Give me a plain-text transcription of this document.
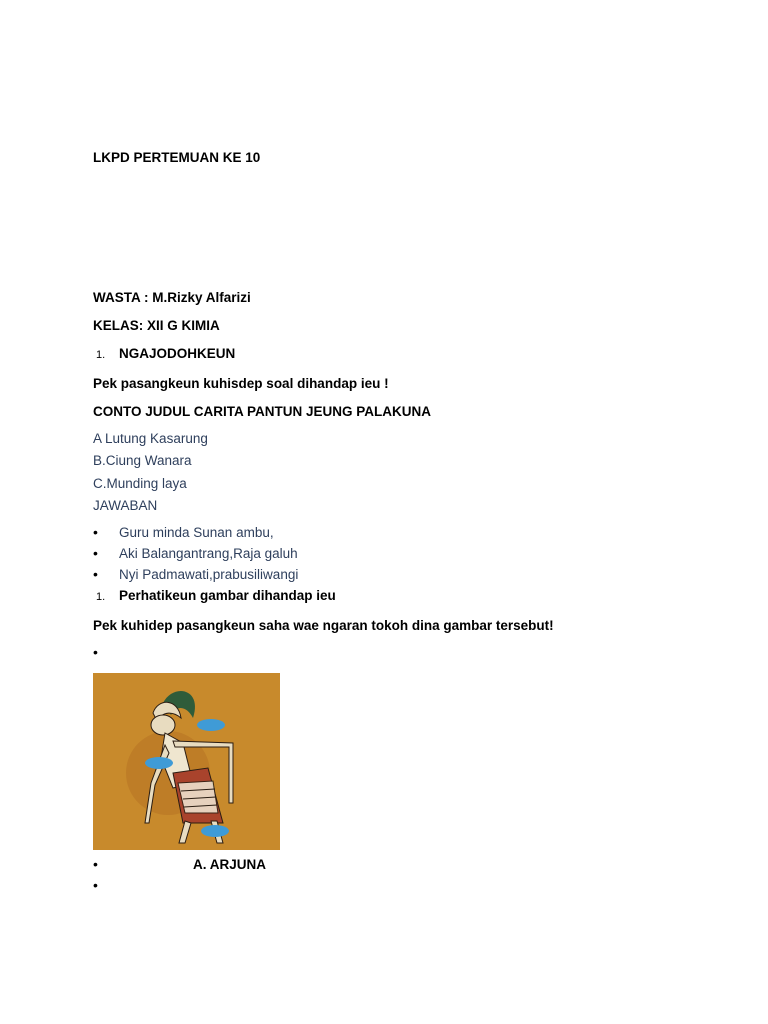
LKPD PERTEMUAN KE 10
WASTA : M.Rizky Alfarizi
KELAS: XII G KIMIA
1. NGAJODOHKEUN
Pek pasangkeun kuhisdep soal dihandap ieu !
CONTO JUDUL CARITA PANTUN JEUNG PALAKUNA
A Lutung Kasarung
B.Ciung Wanara
C.Munding laya
JAWABAN
• Guru minda Sunan ambu,
• Aki Balangantrang,Raja galuh
• Nyi Padmawati,prabusiliwangi
1. Perhatikeun gambar dihandap ieu
Pek kuhidep pasangkeun saha wae ngaran tokoh dina gambar tersebut!
•
•	A. ARJUNA
•
